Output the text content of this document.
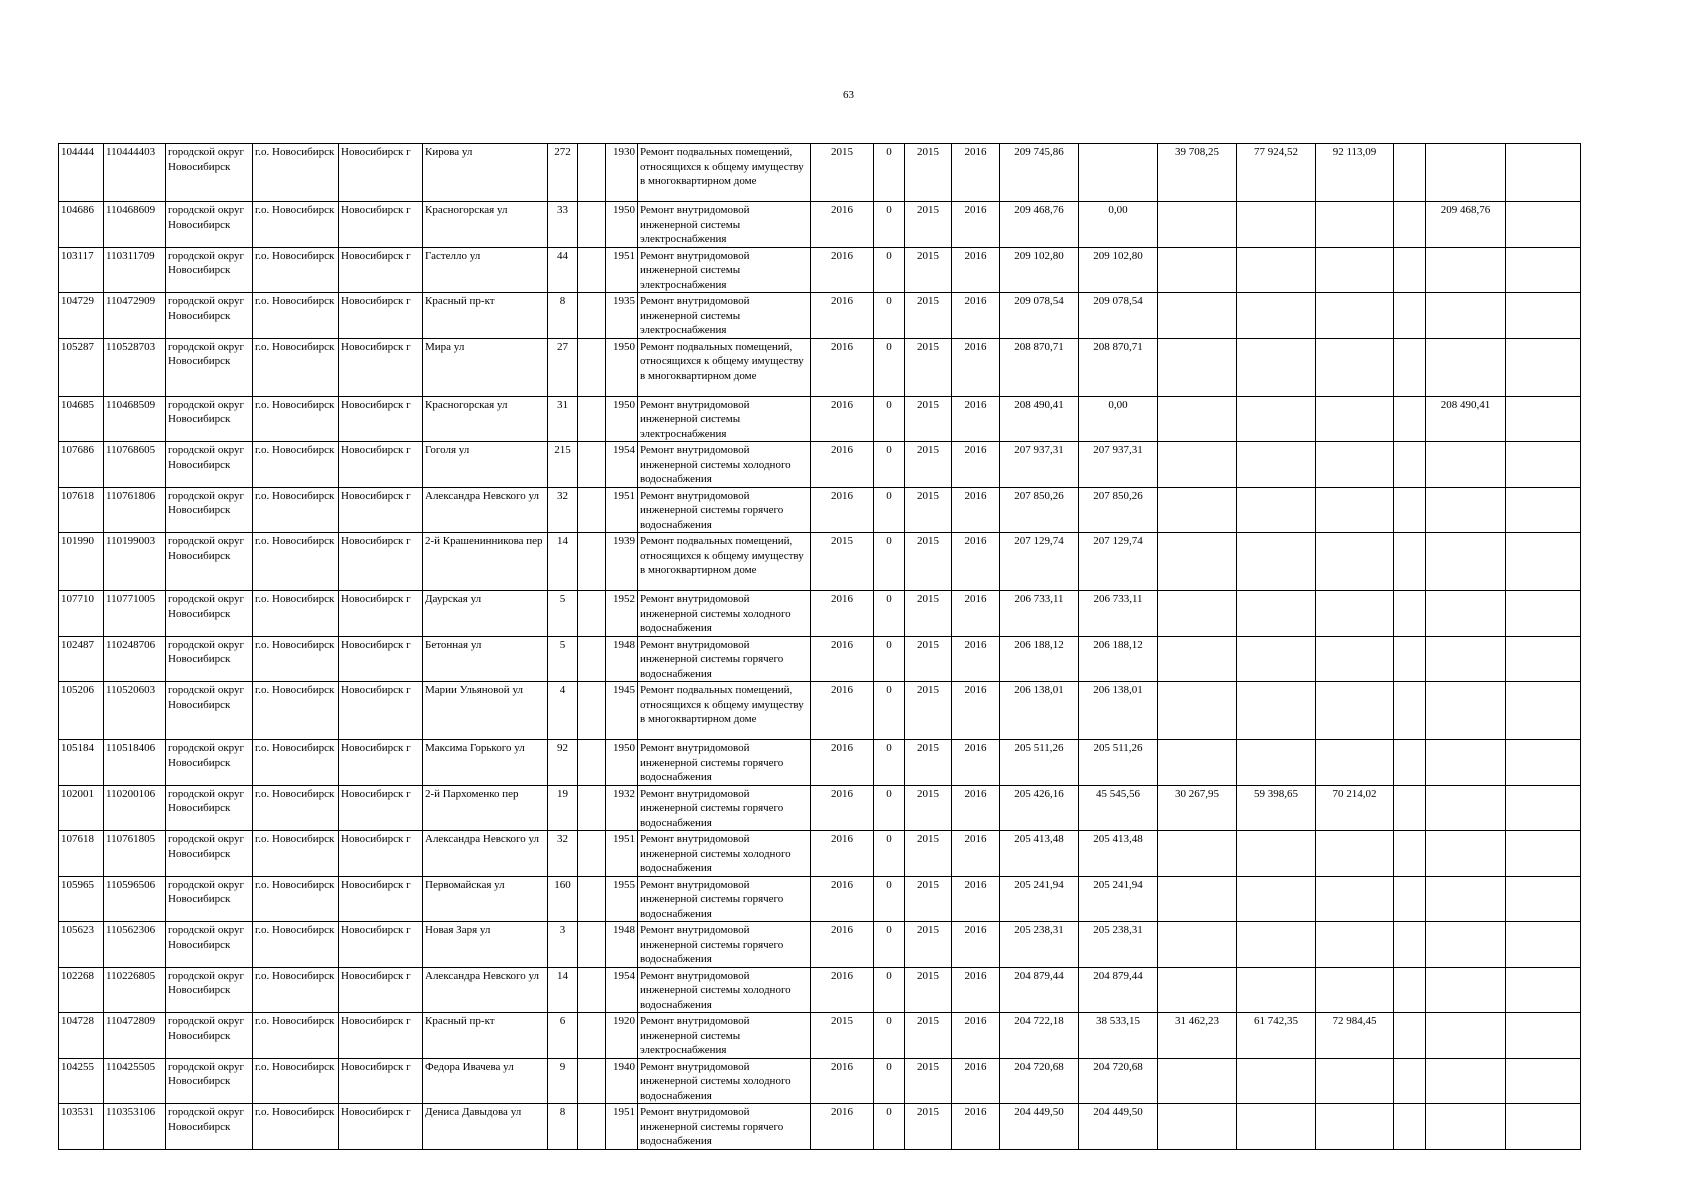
63
104444	110444403	городской округ Новосибирск	г.о. Новосибирск	Новосибирск г	Кирова ул	272		1930	Ремонт подвальных помещений, относящихся к общему имуществу в многоквартирном доме	2015	0	2015	2016	209 745,86		39 708,25	77 924,52	92 113,09			
104686	110468609	городской округ Новосибирск	г.о. Новосибирск	Новосибирск г	Красногорская ул	33		1950	Ремонт внутридомовой инженерной системы электроснабжения	2016	0	2015	2016	209 468,76	0,00					209 468,76	
103117	110311709	городской округ Новосибирск	г.о. Новосибирск	Новосибирск г	Гастелло ул	44		1951	Ремонт внутридомовой инженерной системы электроснабжения	2016	0	2015	2016	209 102,80	209 102,80						
104729	110472909	городской округ Новосибирск	г.о. Новосибирск	Новосибирск г	Красный пр-кт	8		1935	Ремонт внутридомовой инженерной системы электроснабжения	2016	0	2015	2016	209 078,54	209 078,54						
105287	110528703	городской округ Новосибирск	г.о. Новосибирск	Новосибирск г	Мира ул	27		1950	Ремонт подвальных помещений, относящихся к общему имуществу в многоквартирном доме	2016	0	2015	2016	208 870,71	208 870,71						
104685	110468509	городской округ Новосибирск	г.о. Новосибирск	Новосибирск г	Красногорская ул	31		1950	Ремонт внутридомовой инженерной системы электроснабжения	2016	0	2015	2016	208 490,41	0,00					208 490,41	
107686	110768605	городской округ Новосибирск	г.о. Новосибирск	Новосибирск г	Гоголя ул	215		1954	Ремонт внутридомовой инженерной системы холодного водоснабжения	2016	0	2015	2016	207 937,31	207 937,31						
107618	110761806	городской округ Новосибирск	г.о. Новосибирск	Новосибирск г	Александра Невского ул	32		1951	Ремонт внутридомовой инженерной системы горячего водоснабжения	2016	0	2015	2016	207 850,26	207 850,26						
101990	110199003	городской округ Новосибирск	г.о. Новосибирск	Новосибирск г	2-й Крашенинникова пер	14		1939	Ремонт подвальных помещений, относящихся к общему имуществу в многоквартирном доме	2015	0	2015	2016	207 129,74	207 129,74						
107710	110771005	городской округ Новосибирск	г.о. Новосибирск	Новосибирск г	Даурская ул	5		1952	Ремонт внутридомовой инженерной системы холодного водоснабжения	2016	0	2015	2016	206 733,11	206 733,11						
102487	110248706	городской округ Новосибирск	г.о. Новосибирск	Новосибирск г	Бетонная ул	5		1948	Ремонт внутридомовой инженерной системы горячего водоснабжения	2016	0	2015	2016	206 188,12	206 188,12						
105206	110520603	городской округ Новосибирск	г.о. Новосибирск	Новосибирск г	Марии Ульяновой ул	4		1945	Ремонт подвальных помещений, относящихся к общему имуществу в многоквартирном доме	2016	0	2015	2016	206 138,01	206 138,01						
105184	110518406	городской округ Новосибирск	г.о. Новосибирск	Новосибирск г	Максима Горького ул	92		1950	Ремонт внутридомовой инженерной системы горячего водоснабжения	2016	0	2015	2016	205 511,26	205 511,26						
102001	110200106	городской округ Новосибирск	г.о. Новосибирск	Новосибирск г	2-й Пархоменко пер	19		1932	Ремонт внутридомовой инженерной системы горячего водоснабжения	2016	0	2015	2016	205 426,16	45 545,56	30 267,95	59 398,65	70 214,02			
107618	110761805	городской округ Новосибирск	г.о. Новосибирск	Новосибирск г	Александра Невского ул	32		1951	Ремонт внутридомовой инженерной системы холодного водоснабжения	2016	0	2015	2016	205 413,48	205 413,48						
105965	110596506	городской округ Новосибирск	г.о. Новосибирск	Новосибирск г	Первомайская ул	160		1955	Ремонт внутридомовой инженерной системы горячего водоснабжения	2016	0	2015	2016	205 241,94	205 241,94						
105623	110562306	городской округ Новосибирск	г.о. Новосибирск	Новосибирск г	Новая Заря ул	3		1948	Ремонт внутридомовой инженерной системы горячего водоснабжения	2016	0	2015	2016	205 238,31	205 238,31						
102268	110226805	городской округ Новосибирск	г.о. Новосибирск	Новосибирск г	Александра Невского ул	14		1954	Ремонт внутридомовой инженерной системы холодного водоснабжения	2016	0	2015	2016	204 879,44	204 879,44						
104728	110472809	городской округ Новосибирск	г.о. Новосибирск	Новосибирск г	Красный пр-кт	6		1920	Ремонт внутридомовой инженерной системы электроснабжения	2015	0	2015	2016	204 722,18	38 533,15	31 462,23	61 742,35	72 984,45			
104255	110425505	городской округ Новосибирск	г.о. Новосибирск	Новосибирск г	Федора Ивачева ул	9		1940	Ремонт внутридомовой инженерной системы холодного водоснабжения	2016	0	2015	2016	204 720,68	204 720,68						
103531	110353106	городской округ Новосибирск	г.о. Новосибирск	Новосибирск г	Дениса Давыдова ул	8		1951	Ремонт внутридомовой инженерной системы горячего водоснабжения	2016	0	2015	2016	204 449,50	204 449,50						
